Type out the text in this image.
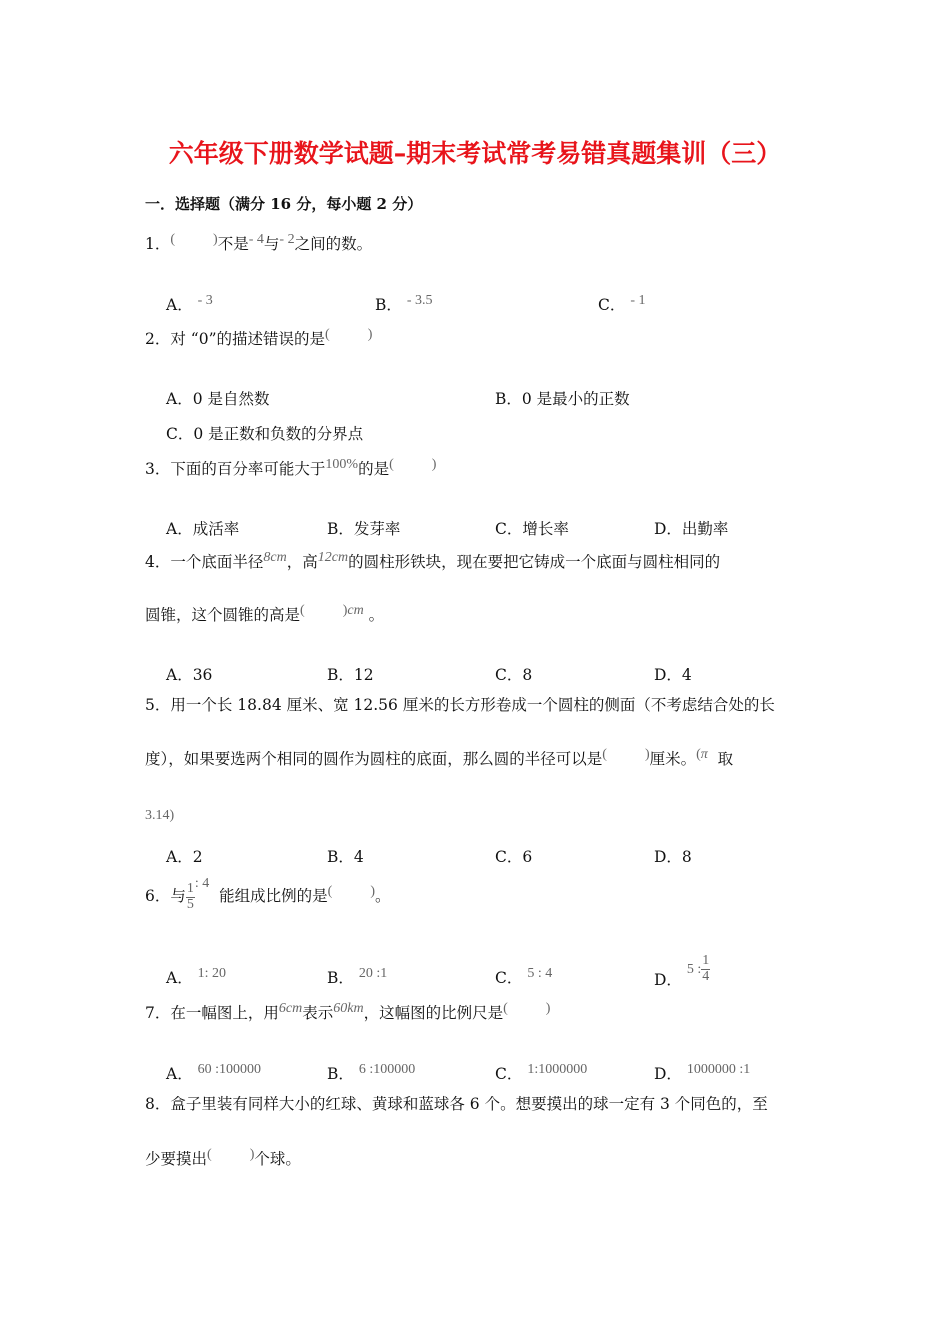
六年级下册数学试题–期末考试常考易错真题集训（三）
一．选择题（满分 16 分，每小题 2 分）
1．(	)不是- 4与- 2之间的数。
A． - 3	B． - 3.5	C． - 1
2．对 “0”的描述错误的是(	)
A．0 是自然数	B．0 是最小的正数
C．0 是正数和负数的分界点
3．下面的百分率可能大于100%的是(	)
A．成活率	B．发芽率	C．增长率	D．出勤率
4．一个底面半径8cm，高12cm的圆柱形铁块，现在要把它铸成一个底面与圆柱相同的
圆锥，这个圆锥的高是(	)cm 。
A．36	B．12	C．8	D．4
5．用一个长 18.84 厘米、宽 12.56 厘米的长方形卷成一个圆柱的侧面（不考虑结合处的长
度），如果要选两个相同的圆作为圆柱的底面，那么圆的半径可以是(	)厘米。(π 取
3.14)
A．2	B．4	C．6	D．8
6．与 $\frac{1}{5}$ : 4  能组成比例的是(	)。
A． 1: 20	B． 20 :1	C． 5 : 4	D． 5 : $\frac{1}{4}$
7．在一幅图上，用6cm表示60km，这幅图的比例尺是(	)
A． 60 :100000	B． 6 :100000	C． 1:1000000	D． 1000000 :1
8．盒子里装有同样大小的红球、黄球和蓝球各 6 个。想要摸出的球一定有 3 个同色的，至
少要摸出(	)个球。
